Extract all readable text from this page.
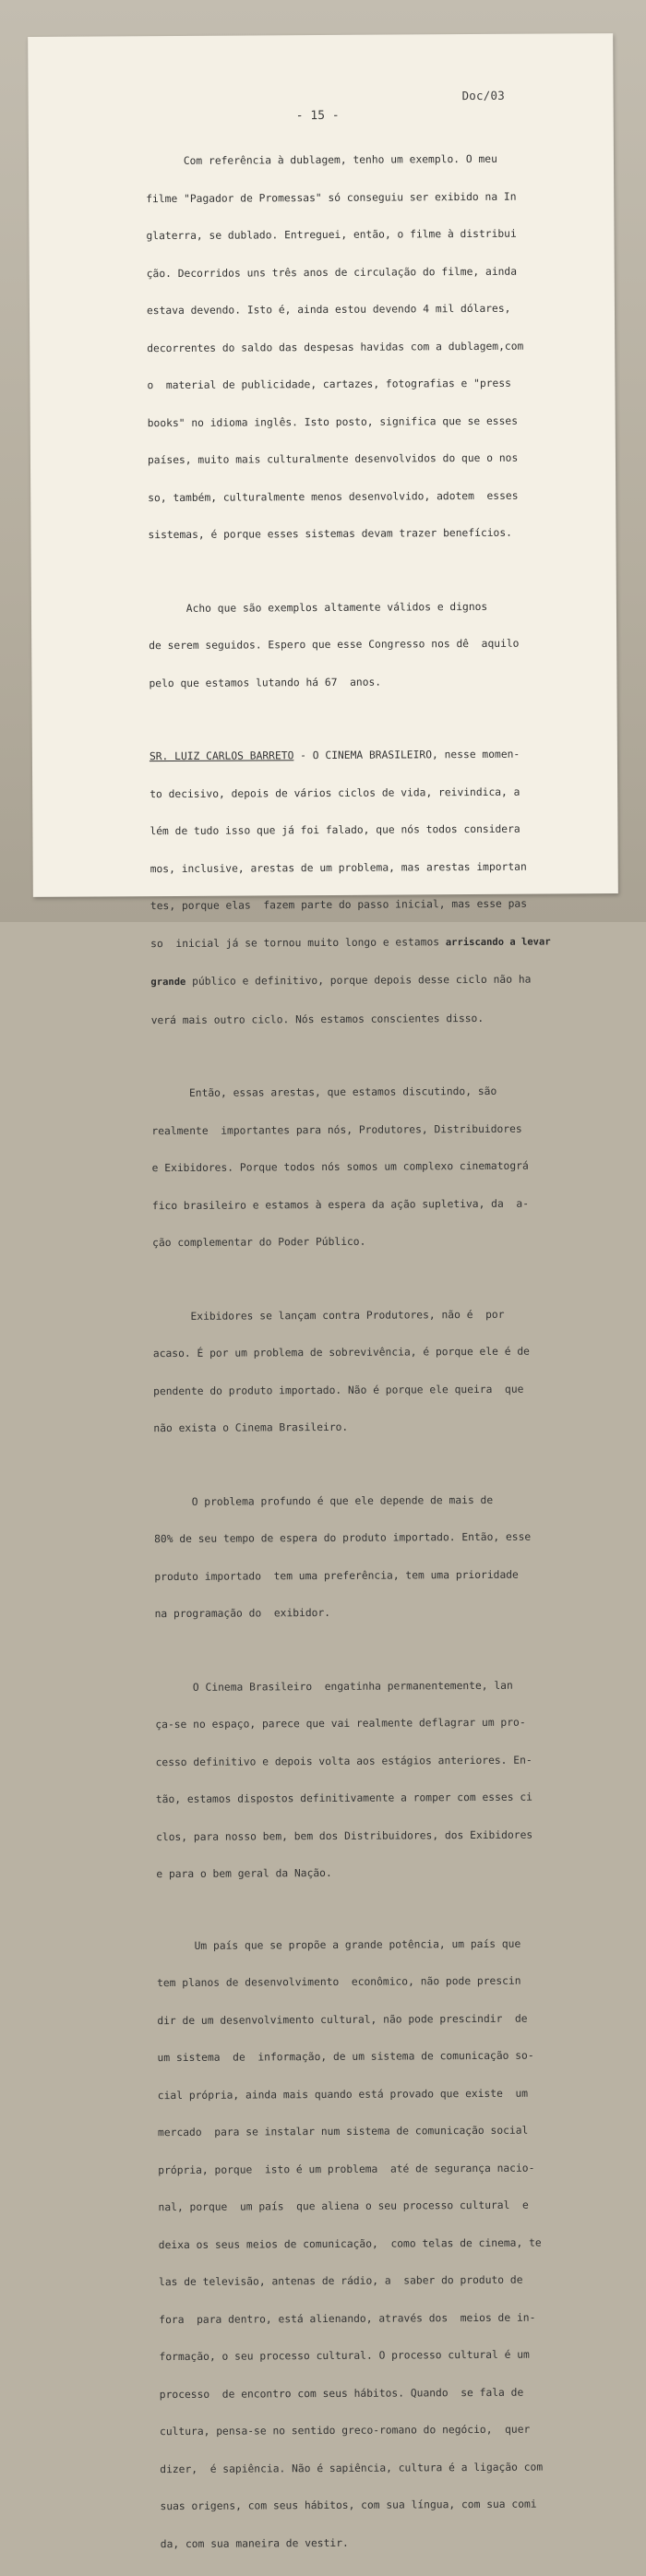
Doc/03
- 15 -

Com referência à dublagem, tenho um exemplo. O meu

filme "Pagador de Promessas" só conseguiu ser exibido na In

glaterra, se dublado. Entreguei, então, o filme à distribui

ção. Decorridos uns três anos de circulação do filme, ainda

estava devendo. Isto é, ainda estou devendo 4 mil dólares,

decorrentes do saldo das despesas havidas com a dublagem,com

o  material de publicidade, cartazes, fotografias e "press

books" no idioma inglês. Isto posto, significa que se esses

países, muito mais culturalmente desenvolvidos do que o nos

so, também, culturalmente menos desenvolvido, adotem  esses

sistemas, é porque esses sistemas devam trazer benefícios.

Acho que são exemplos altamente válidos e dignos

de serem seguidos. Espero que esse Congresso nos dê  aquilo

pelo que estamos lutando há 67  anos.

SR. LUIZ CARLOS BARRETO - O CINEMA BRASILEIRO, nesse momen-

to decisivo, depois de vários ciclos de vida, reivindica, a

lém de tudo isso que já foi falado, que nós todos considera

mos, inclusive, arestas de um problema, mas arestas importan

tes, porque elas  fazem parte do passo inicial, mas esse pas

so  inicial já se tornou muito longo e estamos arriscando a levar

grande público e definitivo, porque depois desse ciclo não ha

verá mais outro ciclo. Nós estamos conscientes disso.

Então, essas arestas, que estamos discutindo, são

realmente  importantes para nós, Produtores, Distribuidores

e Exibidores. Porque todos nós somos um complexo cinematográ

fico brasileiro e estamos à espera da ação supletiva, da  a-

ção complementar do Poder Público.

Exibidores se lançam contra Produtores, não é  por

acaso. É por um problema de sobrevivência, é porque ele é de

pendente do produto importado. Não é porque ele queira  que

não exista o Cinema Brasileiro.

O problema profundo é que ele depende de mais de

80% de seu tempo de espera do produto importado. Então, esse

produto importado  tem uma preferência, tem uma prioridade

na programação do  exibidor.

O Cinema Brasileiro  engatinha permanentemente, lan

ça-se no espaço, parece que vai realmente deflagrar um pro-

cesso definitivo e depois volta aos estágios anteriores. En-

tão, estamos dispostos definitivamente a romper com esses ci

clos, para nosso bem, bem dos Distribuidores, dos Exibidores

e para o bem geral da Nação.

Um país que se propõe a grande potência, um país que

tem planos de desenvolvimento  econômico, não pode prescin

dir de um desenvolvimento cultural, não pode prescindir  de

um sistema  de  informação, de um sistema de comunicação so-

cial própria, ainda mais quando está provado que existe  um

mercado  para se instalar num sistema de comunicação social

própria, porque  isto é um problema  até de segurança nacio-

nal, porque  um país  que aliena o seu processo cultural  e

deixa os seus meios de comunicação,  como telas de cinema, te

las de televisão, antenas de rádio, a  saber do produto de

fora  para dentro, está alienando, através dos  meios de in-

formação, o seu processo cultural. O processo cultural é um

processo  de encontro com seus hábitos. Quando  se fala de

cultura, pensa-se no sentido greco-romano do negócio,  quer

dizer,  é sapiência. Não é sapiência, cultura é a ligação com

suas origens, com seus hábitos, com sua língua, com sua comi

da, com sua maneira de vestir.
